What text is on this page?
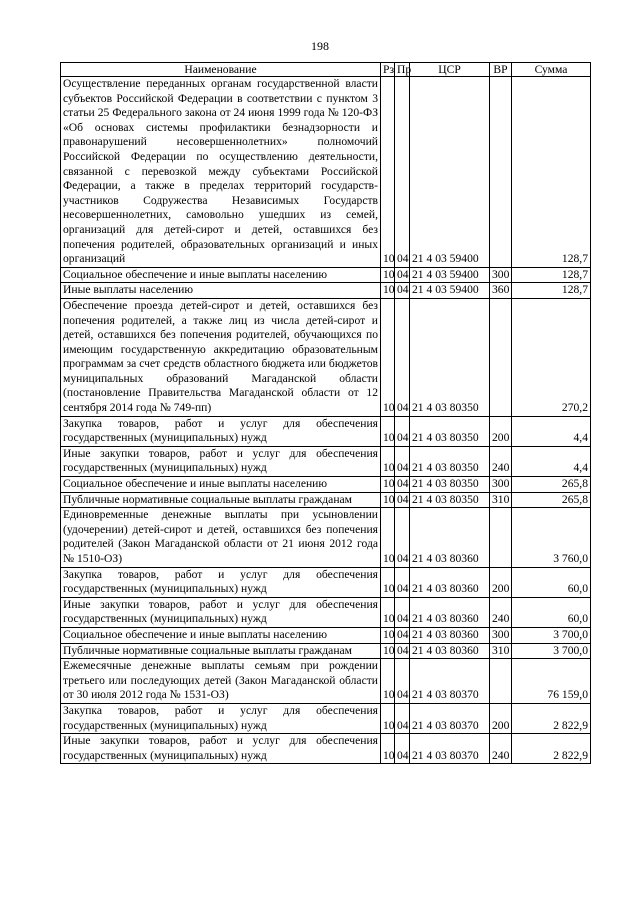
198
Наименование	Рз	Пр	ЦСР	ВР	Сумма
Осуществление переданных органам государственной власти субъектов Российской Федерации в соответствии с пунктом 3 статьи 25 Федерального закона от 24 июня 1999 года № 120-ФЗ «Об основах системы профилактики безнадзорности и правонарушений несовершеннолетних» полномочий Российской Федерации по осуществлению деятельности, связанной с перевозкой между субъектами Российской Федерации, а также в пределах территорий государств-участников Содружества Независимых Государств несовершеннолетних, самовольно ушедших из семей, организаций для детей-сирот и детей, оставшихся без попечения родителей, образовательных организаций и иных организаций	10	04	21 4 03 59400		128,7
Социальное обеспечение и иные выплаты населению	10	04	21 4 03 59400	300	128,7
Иные выплаты населению	10	04	21 4 03 59400	360	128,7
Обеспечение проезда детей-сирот и детей, оставшихся без попечения родителей, а также лиц из числа детей-сирот и детей, оставшихся без попечения родителей, обучающихся по имеющим государственную аккредитацию образовательным программам за счет средств областного бюджета или бюджетов муниципальных образований Магаданской области (постановление Правительства Магаданской области от 12 сентября 2014 года № 749-пп)	10	04	21 4 03 80350		270,2
Закупка товаров, работ и услуг для обеспечения государственных (муниципальных) нужд	10	04	21 4 03 80350	200	4,4
Иные закупки товаров, работ и услуг для обеспечения государственных (муниципальных) нужд	10	04	21 4 03 80350	240	4,4
Социальное обеспечение и иные выплаты населению	10	04	21 4 03 80350	300	265,8
Публичные нормативные социальные выплаты гражданам	10	04	21 4 03 80350	310	265,8
Единовременные денежные выплаты при усыновлении (удочерении) детей-сирот и детей, оставшихся без попечения родителей (Закон Магаданской области от 21 июня 2012 года № 1510-ОЗ)	10	04	21 4 03 80360		3 760,0
Закупка товаров, работ и услуг для обеспечения государственных (муниципальных) нужд	10	04	21 4 03 80360	200	60,0
Иные закупки товаров, работ и услуг для обеспечения государственных (муниципальных) нужд	10	04	21 4 03 80360	240	60,0
Социальное обеспечение и иные выплаты населению	10	04	21 4 03 80360	300	3 700,0
Публичные нормативные социальные выплаты гражданам	10	04	21 4 03 80360	310	3 700,0
Ежемесячные денежные выплаты семьям при рождении третьего или последующих детей (Закон Магаданской области от 30 июля 2012 года № 1531-ОЗ)	10	04	21 4 03 80370		76 159,0
Закупка товаров, работ и услуг для обеспечения государственных (муниципальных) нужд	10	04	21 4 03 80370	200	2 822,9
Иные закупки товаров, работ и услуг для обеспечения государственных (муниципальных) нужд	10	04	21 4 03 80370	240	2 822,9
